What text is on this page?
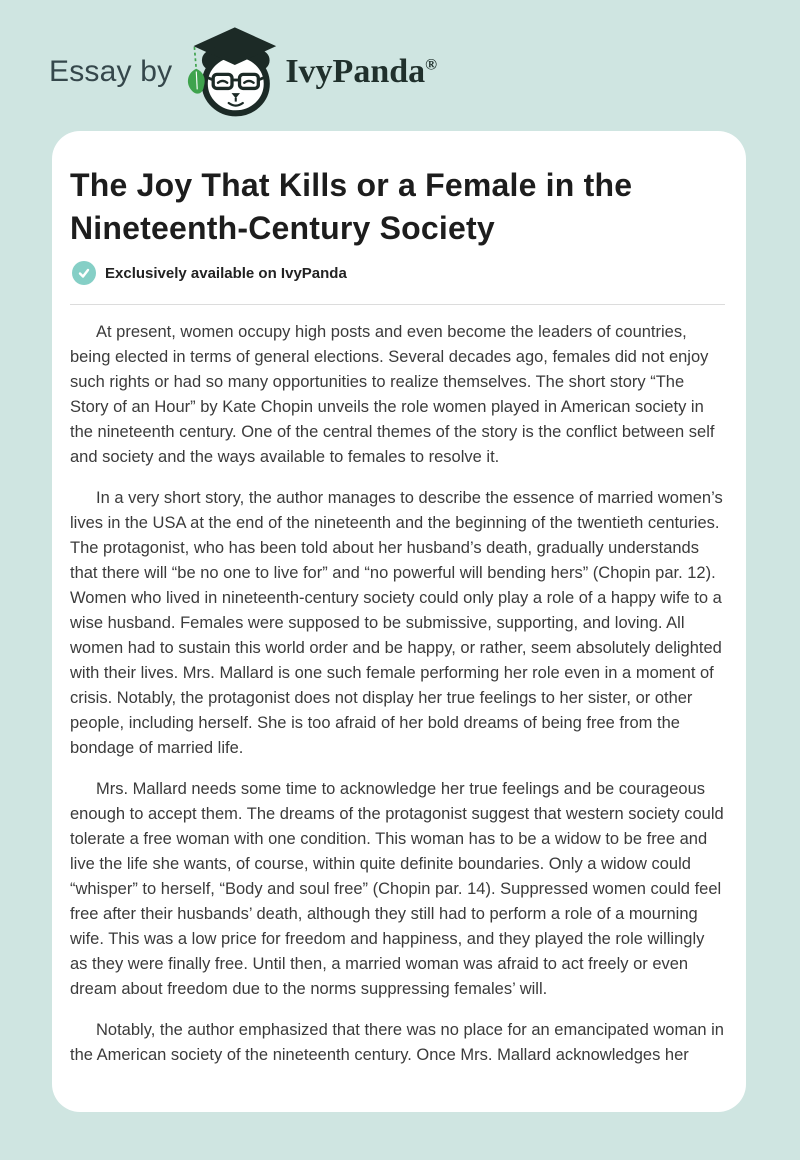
Essay by	IvyPanda®
The Joy That Kills or a Female in the Nineteenth-Century Society
Exclusively available on IvyPanda

At present, women occupy high posts and even become the leaders of countries, being elected in terms of general elections. Several decades ago, females did not enjoy such rights or had so many opportunities to realize themselves. The short story “The Story of an Hour” by Kate Chopin unveils the role women played in American society in the nineteenth century. One of the central themes of the story is the conflict between self and society and the ways available to females to resolve it.

In a very short story, the author manages to describe the essence of married women’s lives in the USA at the end of the nineteenth and the beginning of the twentieth centuries. The protagonist, who has been told about her husband’s death, gradually understands that there will “be no one to live for” and “no powerful will bending hers” (Chopin par. 12). Women who lived in nineteenth-century society could only play a role of a happy wife to a wise husband. Females were supposed to be submissive, supporting, and loving. All women had to sustain this world order and be happy, or rather, seem absolutely delighted with their lives. Mrs. Mallard is one such female performing her role even in a moment of crisis. Notably, the protagonist does not display her true feelings to her sister, or other people, including herself. She is too afraid of her bold dreams of being free from the bondage of married life.

Mrs. Mallard needs some time to acknowledge her true feelings and be courageous enough to accept them. The dreams of the protagonist suggest that western society could tolerate a free woman with one condition. This woman has to be a widow to be free and live the life she wants, of course, within quite definite boundaries. Only a widow could “whisper” to herself, “Body and soul free” (Chopin par. 14). Suppressed women could feel free after their husbands’ death, although they still had to perform a role of a mourning wife. This was a low price for freedom and happiness, and they played the role willingly as they were finally free. Until then, a married woman was afraid to act freely or even dream about freedom due to the norms suppressing females’ will.

Notably, the author emphasized that there was no place for an emancipated woman in the American society of the nineteenth century. Once Mrs. Mallard acknowledges her
